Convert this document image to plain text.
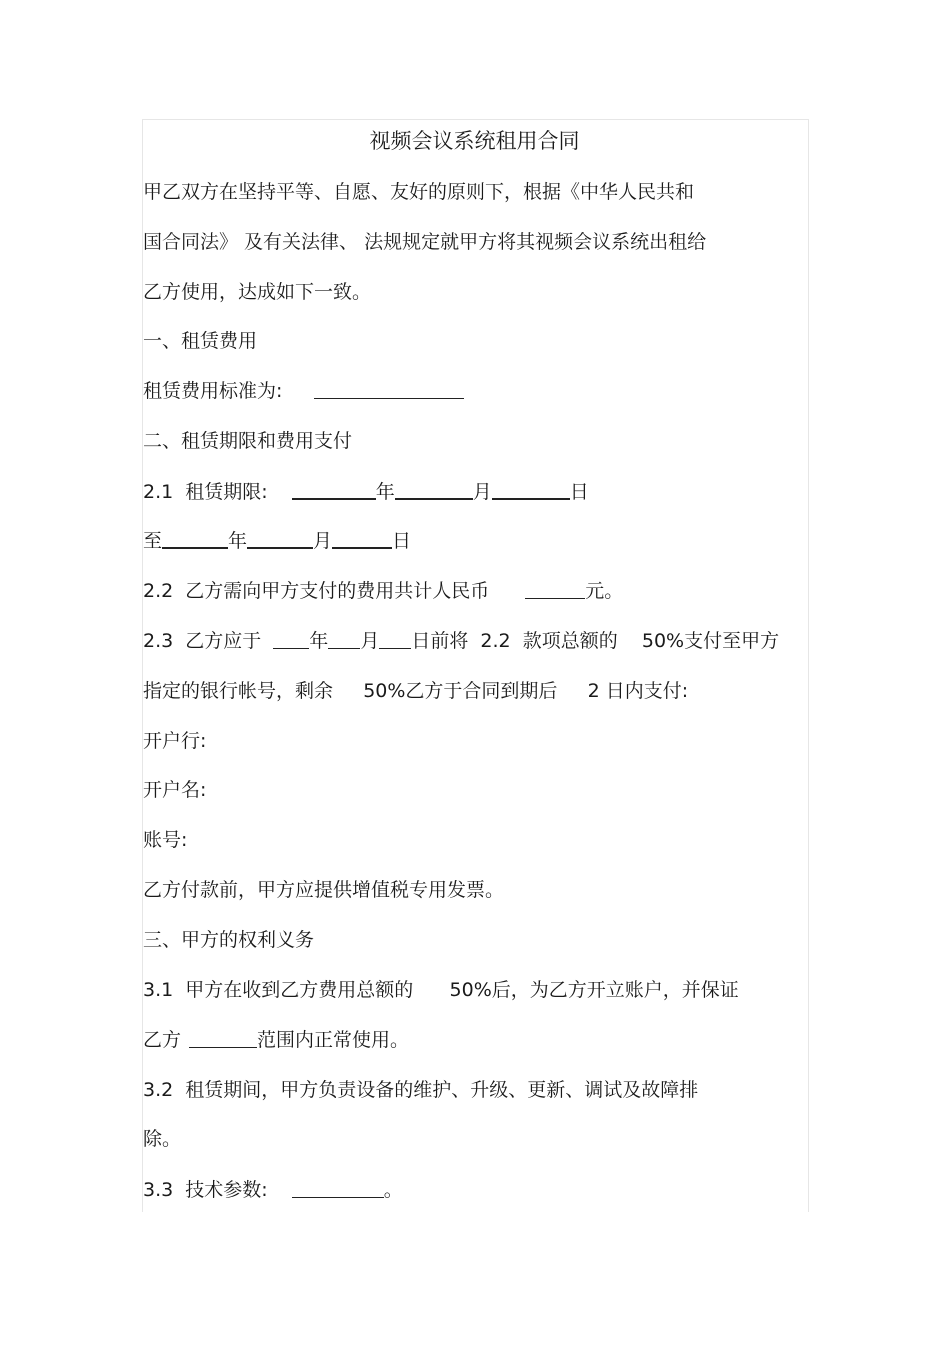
视频会议系统租用合同
甲乙双方在坚持平等、自愿、友好的原则下，根据《中华人民共和
国合同法》 及有关法律、 法规规定就甲方将其视频会议系统出租给
乙方使用，达成如下一致。
一、租赁费用
租赁费用标准为:
二、租赁期限和费用支付
2.1  租赁期限:	年	月	日
至	年	月	日
2.2  乙方需向甲方支付的费用共计人民币	元。
2.3  乙方应于	年 月 日前将  2.2  款项总额的    50%支付至甲方
指定的银行帐号，剩余     50%乙方于合同到期后     2 日内支付:
开户行:
开户名:
账号:
乙方付款前，甲方应提供增值税专用发票。
三、甲方的权利义务
3.1  甲方在收到乙方费用总额的      50%后，为乙方开立账户，并保证
乙方	范围内正常使用。
3.2  租赁期间，甲方负责设备的维护、升级、更新、调试及故障排
除。
3.3  技术参数:	。
